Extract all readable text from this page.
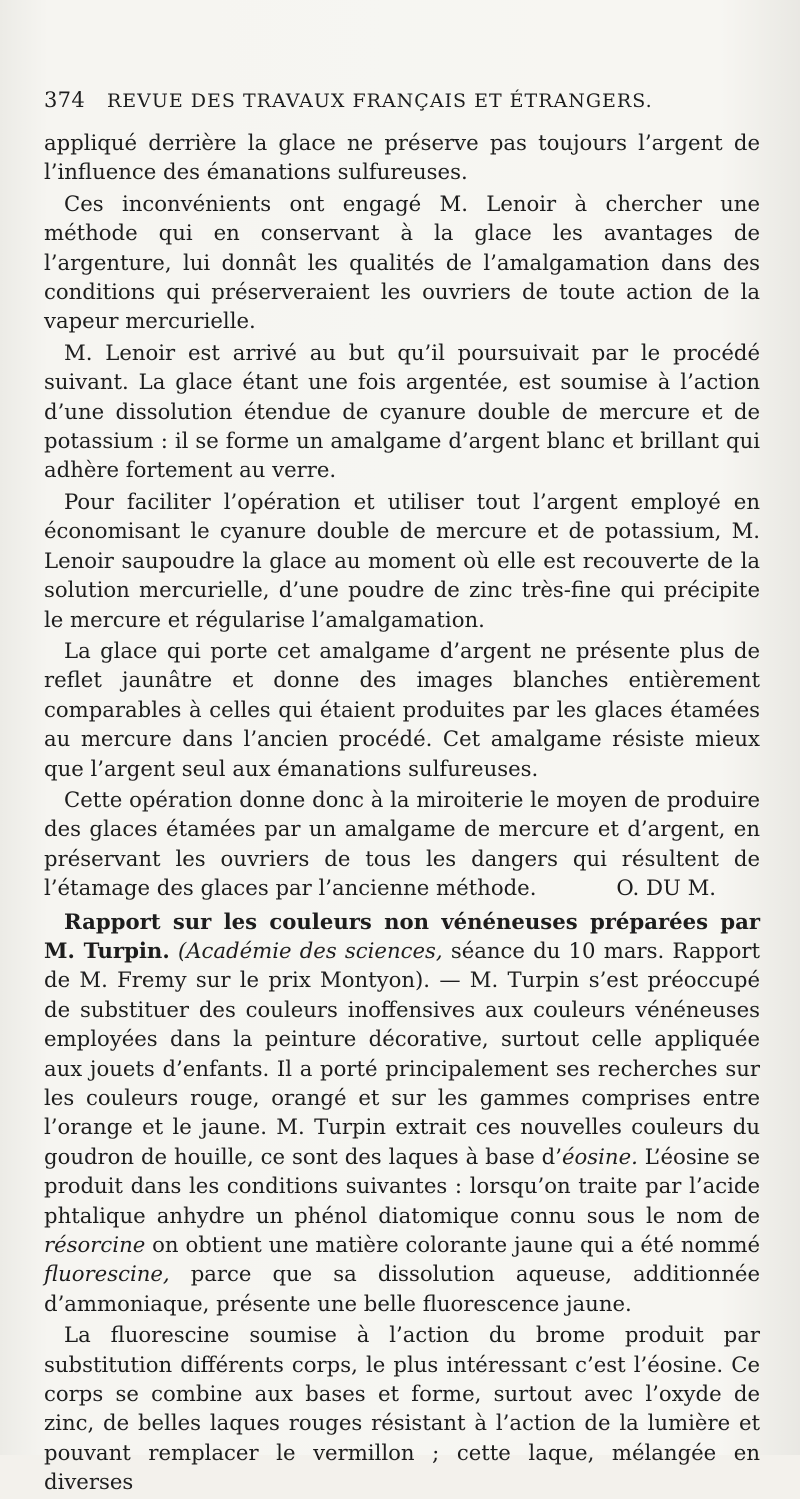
374 REVUE DES TRAVAUX FRANÇAIS ET ÉTRANGERS.

appliqué derrière la glace ne préserve pas toujours l’argent de l’influence des émanations sulfureuses.

Ces inconvénients ont engagé M. Lenoir à chercher une méthode qui en conservant à la glace les avantages de l’argenture, lui donnât les qualités de l’amalgamation dans des conditions qui préserveraient les ouvriers de toute action de la vapeur mercurielle.

M. Lenoir est arrivé au but qu’il poursuivait par le procédé suivant. La glace étant une fois argentée, est soumise à l’action d’une dissolution étendue de cyanure double de mercure et de potassium : il se forme un amalgame d’argent blanc et brillant qui adhère fortement au verre.

Pour faciliter l’opération et utiliser tout l’argent employé en économisant le cyanure double de mercure et de potassium, M. Lenoir saupoudre la glace au moment où elle est recouverte de la solution mercurielle, d’une poudre de zinc très-fine qui précipite le mercure et régularise l’amalgamation.

La glace qui porte cet amalgame d’argent ne présente plus de reflet jaunâtre et donne des images blanches entièrement comparables à celles qui étaient produites par les glaces étamées au mercure dans l’ancien procédé. Cet amalgame résiste mieux que l’argent seul aux émanations sulfureuses.

Cette opération donne donc à la miroiterie le moyen de produire des glaces étamées par un amalgame de mercure et d’argent, en préservant les ouvriers de tous les dangers qui résultent de l’étamage des glaces par l’ancienne méthode.	O. DU M.

Rapport sur les couleurs non vénéneuses préparées par M. Turpin. (Académie des sciences, séance du 10 mars. Rapport de M. Fremy sur le prix Montyon). — M. Turpin s’est préoccupé de substituer des couleurs inoffensives aux couleurs vénéneuses employées dans la peinture décorative, surtout celle appliquée aux jouets d’enfants. Il a porté principalement ses recherches sur les couleurs rouge, orangé et sur les gammes comprises entre l’orange et le jaune. M. Turpin extrait ces nouvelles couleurs du goudron de houille, ce sont des laques à base d’éosine. L’éosine se produit dans les conditions suivantes : lorsqu’on traite par l’acide phtalique anhydre un phénol diatomique connu sous le nom de résorcine on obtient une matière colorante jaune qui a été nommé fluorescine, parce que sa dissolution aqueuse, additionnée d’ammoniaque, présente une belle fluorescence jaune.

La fluorescine soumise à l’action du brome produit par substitution différents corps, le plus intéressant c’est l’éosine. Ce corps se combine aux bases et forme, surtout avec l’oxyde de zinc, de belles laques rouges résistant à l’action de la lumière et pouvant remplacer le vermillon ; cette laque, mélangée en diverses
